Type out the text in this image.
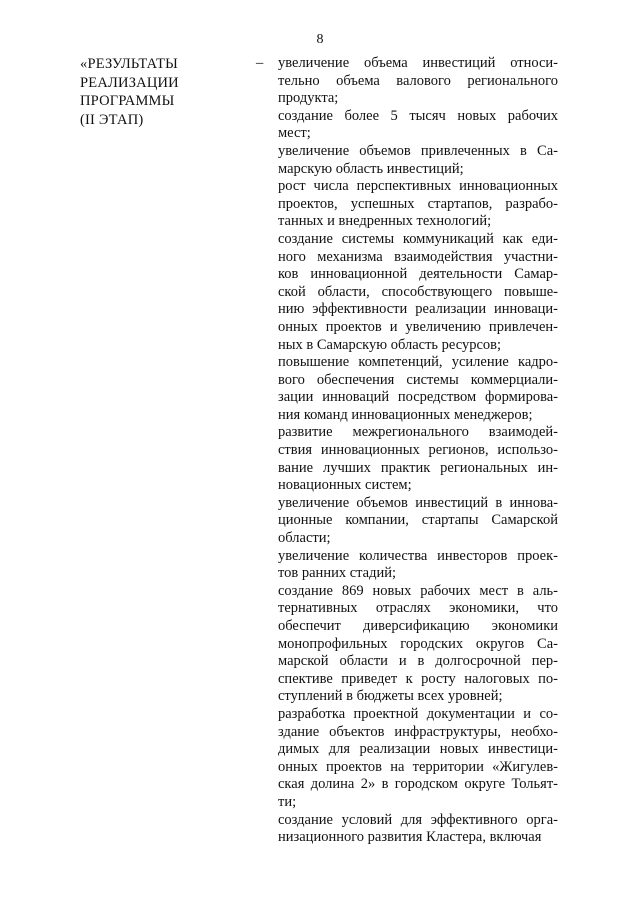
8
«РЕЗУЛЬТАТЫ
РЕАЛИЗАЦИИ
ПРОГРАММЫ
(II ЭТАП)
– увеличение объема инвестиций относи-
тельно объема валового регионального
продукта;
создание более 5 тысяч новых рабочих
мест;
увеличение объемов привлеченных в Са-
марскую область инвестиций;
рост числа перспективных инновационных
проектов, успешных стартапов, разрабо-
танных и внедренных технологий;
создание системы коммуникаций как еди-
ного механизма взаимодействия участни-
ков инновационной деятельности Самар-
ской области, способствующего повыше-
нию эффективности реализации инноваци-
онных проектов и увеличению привлечен-
ных в Самарскую область ресурсов;
повышение компетенций, усиление кадро-
вого обеспечения системы коммерциали-
зации инноваций посредством формирова-
ния команд инновационных менеджеров;
развитие межрегионального взаимодей-
ствия инновационных регионов, использо-
вание лучших практик региональных ин-
новационных систем;
увеличение объемов инвестиций в иннова-
ционные компании, стартапы Самарской
области;
увеличение количества инвесторов проек-
тов ранних стадий;
создание 869 новых рабочих мест в аль-
тернативных отраслях экономики, что
обеспечит диверсификацию экономики
монопрофильных городских округов Са-
марской области и в долгосрочной пер-
спективе приведет к росту налоговых по-
ступлений в бюджеты всех уровней;
разработка проектной документации и со-
здание объектов инфраструктуры, необхо-
димых для реализации новых инвестици-
онных проектов на территории «Жигулев-
ская долина 2» в городском округе Тольят-
ти;
создание условий для эффективного орга-
низационного развития Кластера, включая
